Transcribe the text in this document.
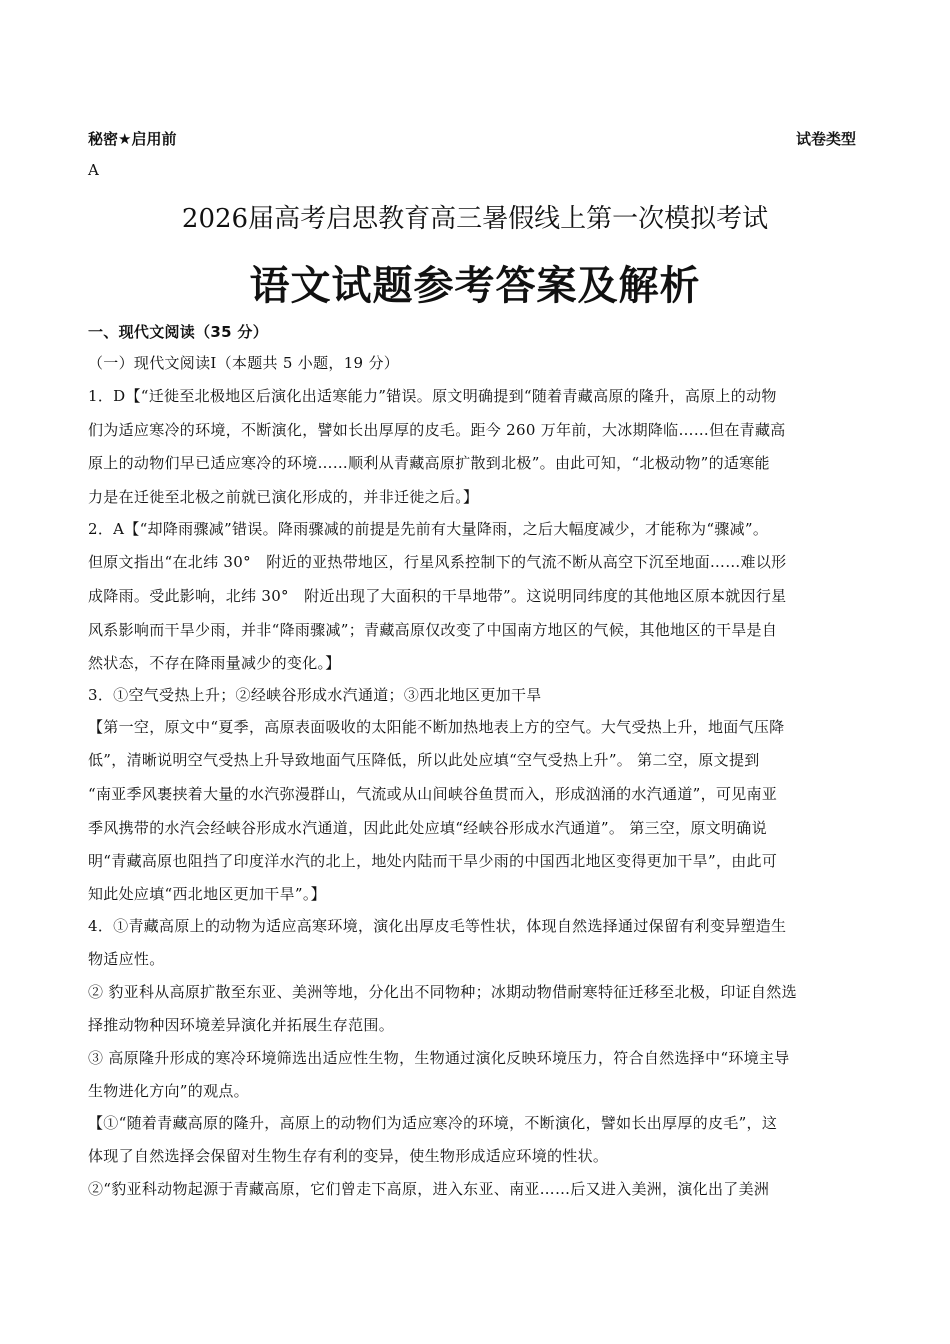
秘密★启用前	试卷类型
A
2026届高考启思教育高三暑假线上第一次模拟考试
语文试题参考答案及解析
一、现代文阅读（35 分）
（一）现代文阅读Ⅰ（本题共 5 小题，19 分）
1．D【“迁徙至北极地区后演化出适寒能力”错误。原文明确提到“随着青藏高原的隆升，高原上的动物
们为适应寒冷的环境，不断演化，譬如长出厚厚的皮毛。距今 260 万年前，大冰期降临……但在青藏高
原上的动物们早已适应寒冷的环境……顺利从青藏高原扩散到北极”。由此可知，“北极动物”的适寒能
力是在迁徙至北极之前就已演化形成的，并非迁徙之后。】
2．A【“却降雨骤减”错误。降雨骤减的前提是先前有大量降雨，之后大幅度减少，才能称为“骤减”。
但原文指出“在北纬 30°　附近的亚热带地区，行星风系控制下的气流不断从高空下沉至地面……难以形
成降雨。受此影响，北纬 30°　附近出现了大面积的干旱地带”。这说明同纬度的其他地区原本就因行星
风系影响而干旱少雨，并非“降雨骤减”；青藏高原仅改变了中国南方地区的气候，其他地区的干旱是自
然状态，不存在降雨量减少的变化。】
3．①空气受热上升；②经峡谷形成水汽通道；③西北地区更加干旱
【第一空，原文中“夏季，高原表面吸收的太阳能不断加热地表上方的空气。大气受热上升，地面气压降
低”，清晰说明空气受热上升导致地面气压降低，所以此处应填“空气受热上升”。 第二空，原文提到
“南亚季风裹挟着大量的水汽弥漫群山，气流或从山间峡谷鱼贯而入，形成汹涌的水汽通道”，可见南亚
季风携带的水汽会经峡谷形成水汽通道，因此此处应填“经峡谷形成水汽通道”。 第三空，原文明确说
明“青藏高原也阻挡了印度洋水汽的北上，地处内陆而干旱少雨的中国西北地区变得更加干旱”，由此可
知此处应填“西北地区更加干旱”。】
4．①青藏高原上的动物为适应高寒环境，演化出厚皮毛等性状，体现自然选择通过保留有利变异塑造生
物适应性。
② 豹亚科从高原扩散至东亚、美洲等地，分化出不同物种；冰期动物借耐寒特征迁移至北极，印证自然选
择推动物种因环境差异演化并拓展生存范围。
③ 高原隆升形成的寒冷环境筛选出适应性生物，生物通过演化反映环境压力，符合自然选择中“环境主导
生物进化方向”的观点。
【①“随着青藏高原的隆升，高原上的动物们为适应寒冷的环境，不断演化，譬如长出厚厚的皮毛”，这
体现了自然选择会保留对生物生存有利的变异，使生物形成适应环境的性状。
②“豹亚科动物起源于青藏高原，它们曾走下高原，进入东亚、南亚……后又进入美洲，演化出了美洲
